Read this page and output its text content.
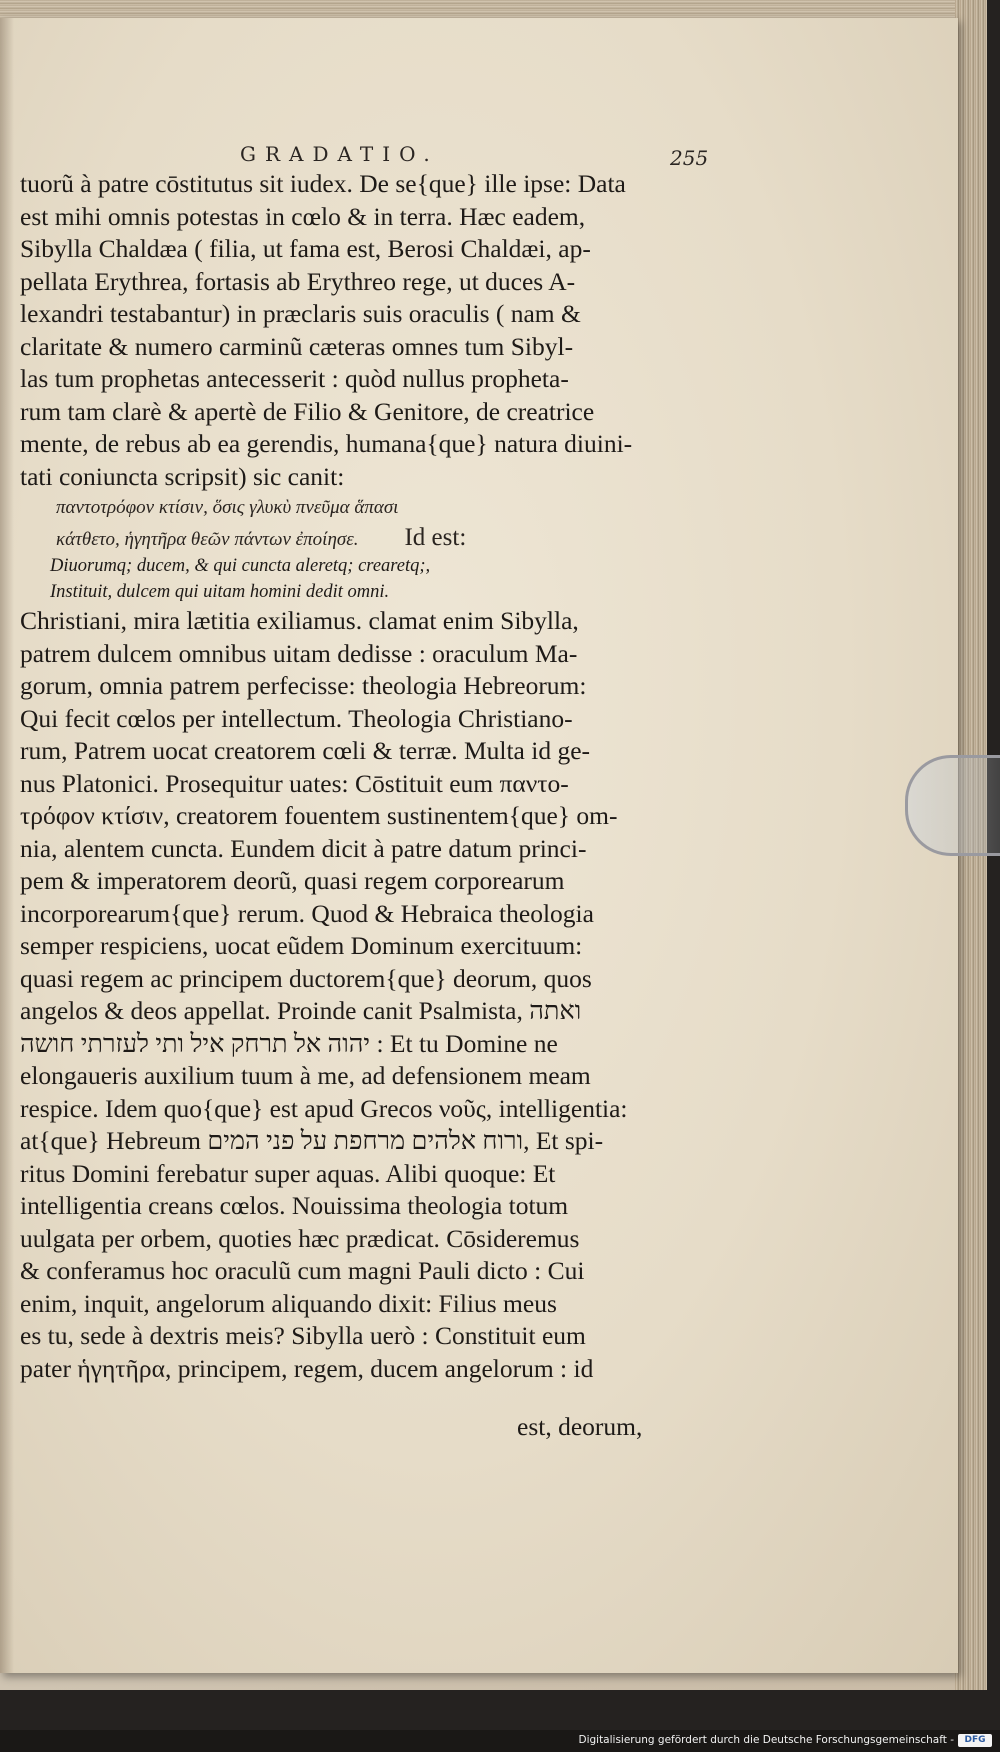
GRADATIO.	255
tuorũ à patre cōstitutus sit iudex. De se{que} ille ipse: Data
est mihi omnis potestas in cœlo & in terra. Hæc eadem,
Sibylla Chaldæa ( filia, ut fama est, Berosi Chaldæi, ap-
pellata Erythrea, fortasis ab Erythreo rege, ut duces A-
lexandri testabantur) in præclaris suis oraculis ( nam &
claritate & numero carminũ cæteras omnes tum Sibyl-
las tum prophetas antecesserit : quòd nullus propheta-
rum tam clarè & apertè de Filio & Genitore, de creatrice
mente, de rebus ab ea gerendis, humana{que} natura diuini-
tati coniuncta scripsit) sic canit:
παντοτρόφον κτίσιν, ὅσις γλυκὺ πνεῦμα ἅπασι
κάτθετο, ἡγητῆρα θεῶν πάντων ἐποίησε. Id est:
Diuorumq; ducem, & qui cuncta aleretq; crearetq;,
Instituit, dulcem qui uitam homini dedit omni.
Christiani, mira lætitia exiliamus. clamat enim Sibylla,
patrem dulcem omnibus uitam dedisse : oraculum Ma-
gorum, omnia patrem perfecisse: theologia Hebreorum:
Qui fecit cœlos per intellectum. Theologia Christiano-
rum, Patrem uocat creatorem cœli & terræ. Multa id ge-
nus Platonici. Prosequitur uates: Cōstituit eum παντο-
τρόφον κτίσιν, creatorem fouentem sustinentem{que} om-
nia, alentem cuncta. Eundem dicit à patre datum princi-
pem & imperatorem deorũ, quasi regem corporearum
incorporearum{que} rerum. Quod & Hebraica theologia
semper respiciens, uocat eũdem Dominum exercituum:
quasi regem ac principem ductorem{que} deorum, quos
angelos & deos appellat. Proinde canit Psalmista, ואתה
יהוה אל תרחק איל ותי לעזרתי חושה : Et tu Domine ne
elongaueris auxilium tuum à me, ad defensionem meam
respice. Idem quo{que} est apud Grecos νοῦς, intelligentia:
at{que} Hebreum ורוח אלהים מרחפת על פני המים, Et spi-
ritus Domini ferebatur super aquas. Alibi quoque: Et
intelligentia creans cœlos. Nouissima theologia totum
uulgata per orbem, quoties hæc prædicat. Cōsideremus
& conferamus hoc oraculũ cum magni Pauli dicto : Cui
enim, inquit, angelorum aliquando dixit: Filius meus
es tu, sede à dextris meis? Sibylla uerò : Constituit eum
pater ἡγητῆρα, principem, regem, ducem angelorum : id
est, deorum,
Digitalisierung gefördert durch die Deutsche Forschungsgemeinschaft -	DFG
